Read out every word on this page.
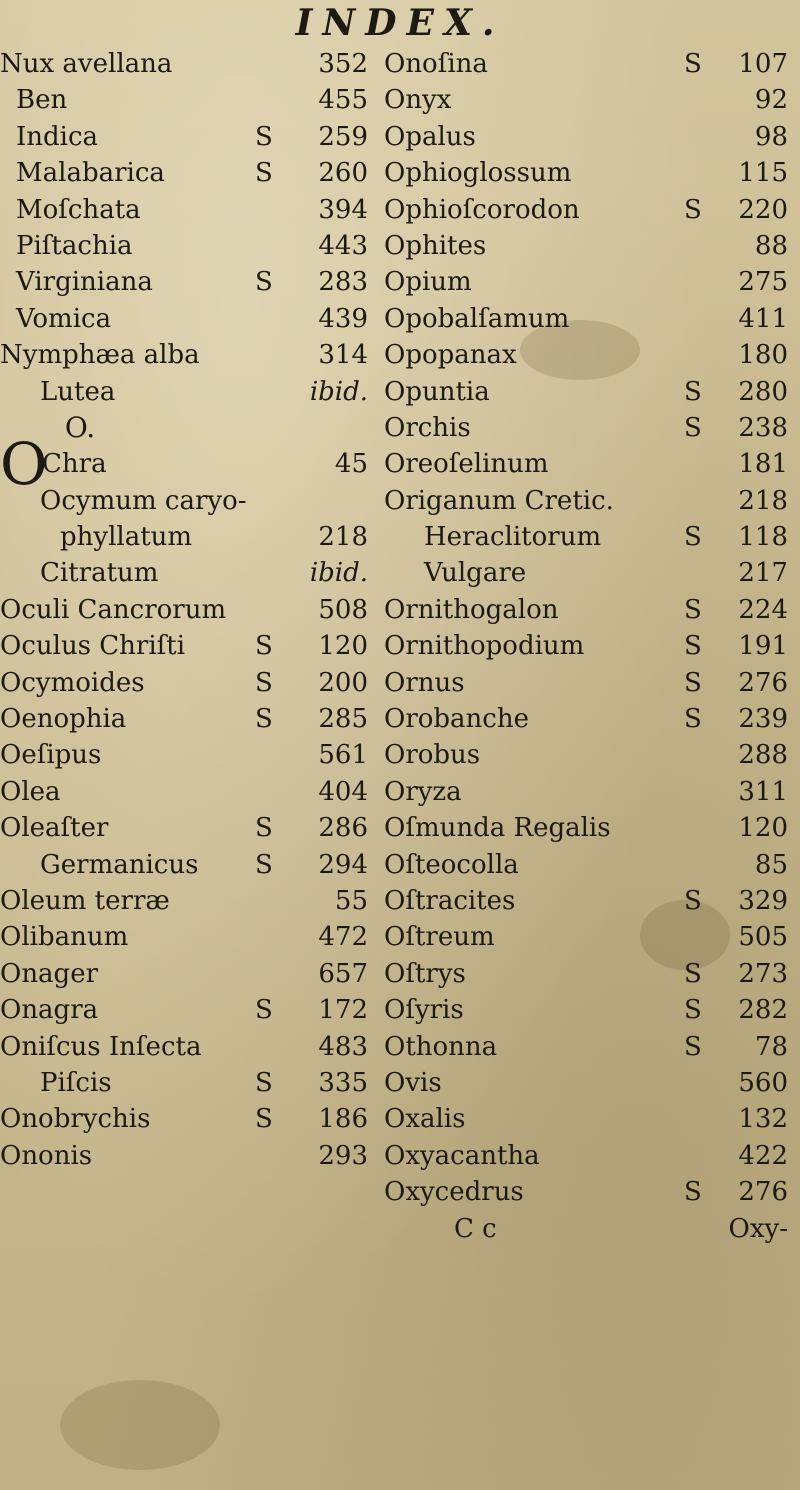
INDEX.
Nux avellana	352
Ben	455
Indica	S	259
Malabarica	S	260
Moſchata	394
Piſtachia	443
Virginiana	S	283
Vomica	439
Nymphæa alba	314
Lutea	ibid.
O.
O
Chra	45
Ocymum caryo-
phyllatum	218
Citratum	ibid.
Oculi Cancrorum	508
Oculus Chriſti	S	120
Ocymoides	S	200
Oenophia	S	285
Oeſipus	561
Olea	404
Oleaſter	S	286
Germanicus S	294
Oleum terræ	55
Olibanum	472
Onager	657
Onagra	S	172
Oniſcus Inſecta	483
Piſcis	S	335
Onobrychis	S	186
Ononis	293
Onoſina	S	107
Onyx	92
Opalus	98
Ophioglossum	115
Ophioſcorodon	S	220
Ophites	88
Opium	275
Opobalſamum	411
Opopanax	180
Opuntia	S	280
Orchis	S	238
Oreoſelinum	181
Origanum Cretic.	218
Heraclitorum	S	118
Vulgare	217
Ornithogalon	S	224
Ornithopodium	S	191
Ornus	S	276
Orobanche	S	239
Orobus	288
Oryza	311
Oſmunda Regalis	120
Oſteocolla	85
Oſtracites	S	329
Oſtreum	505
Oſtrys	S	273
Oſyris	S	282
Othonna	S	78
Ovis	560
Oxalis	132
Oxyacantha	422
Oxycedrus	S	276
C c	Oxy-
